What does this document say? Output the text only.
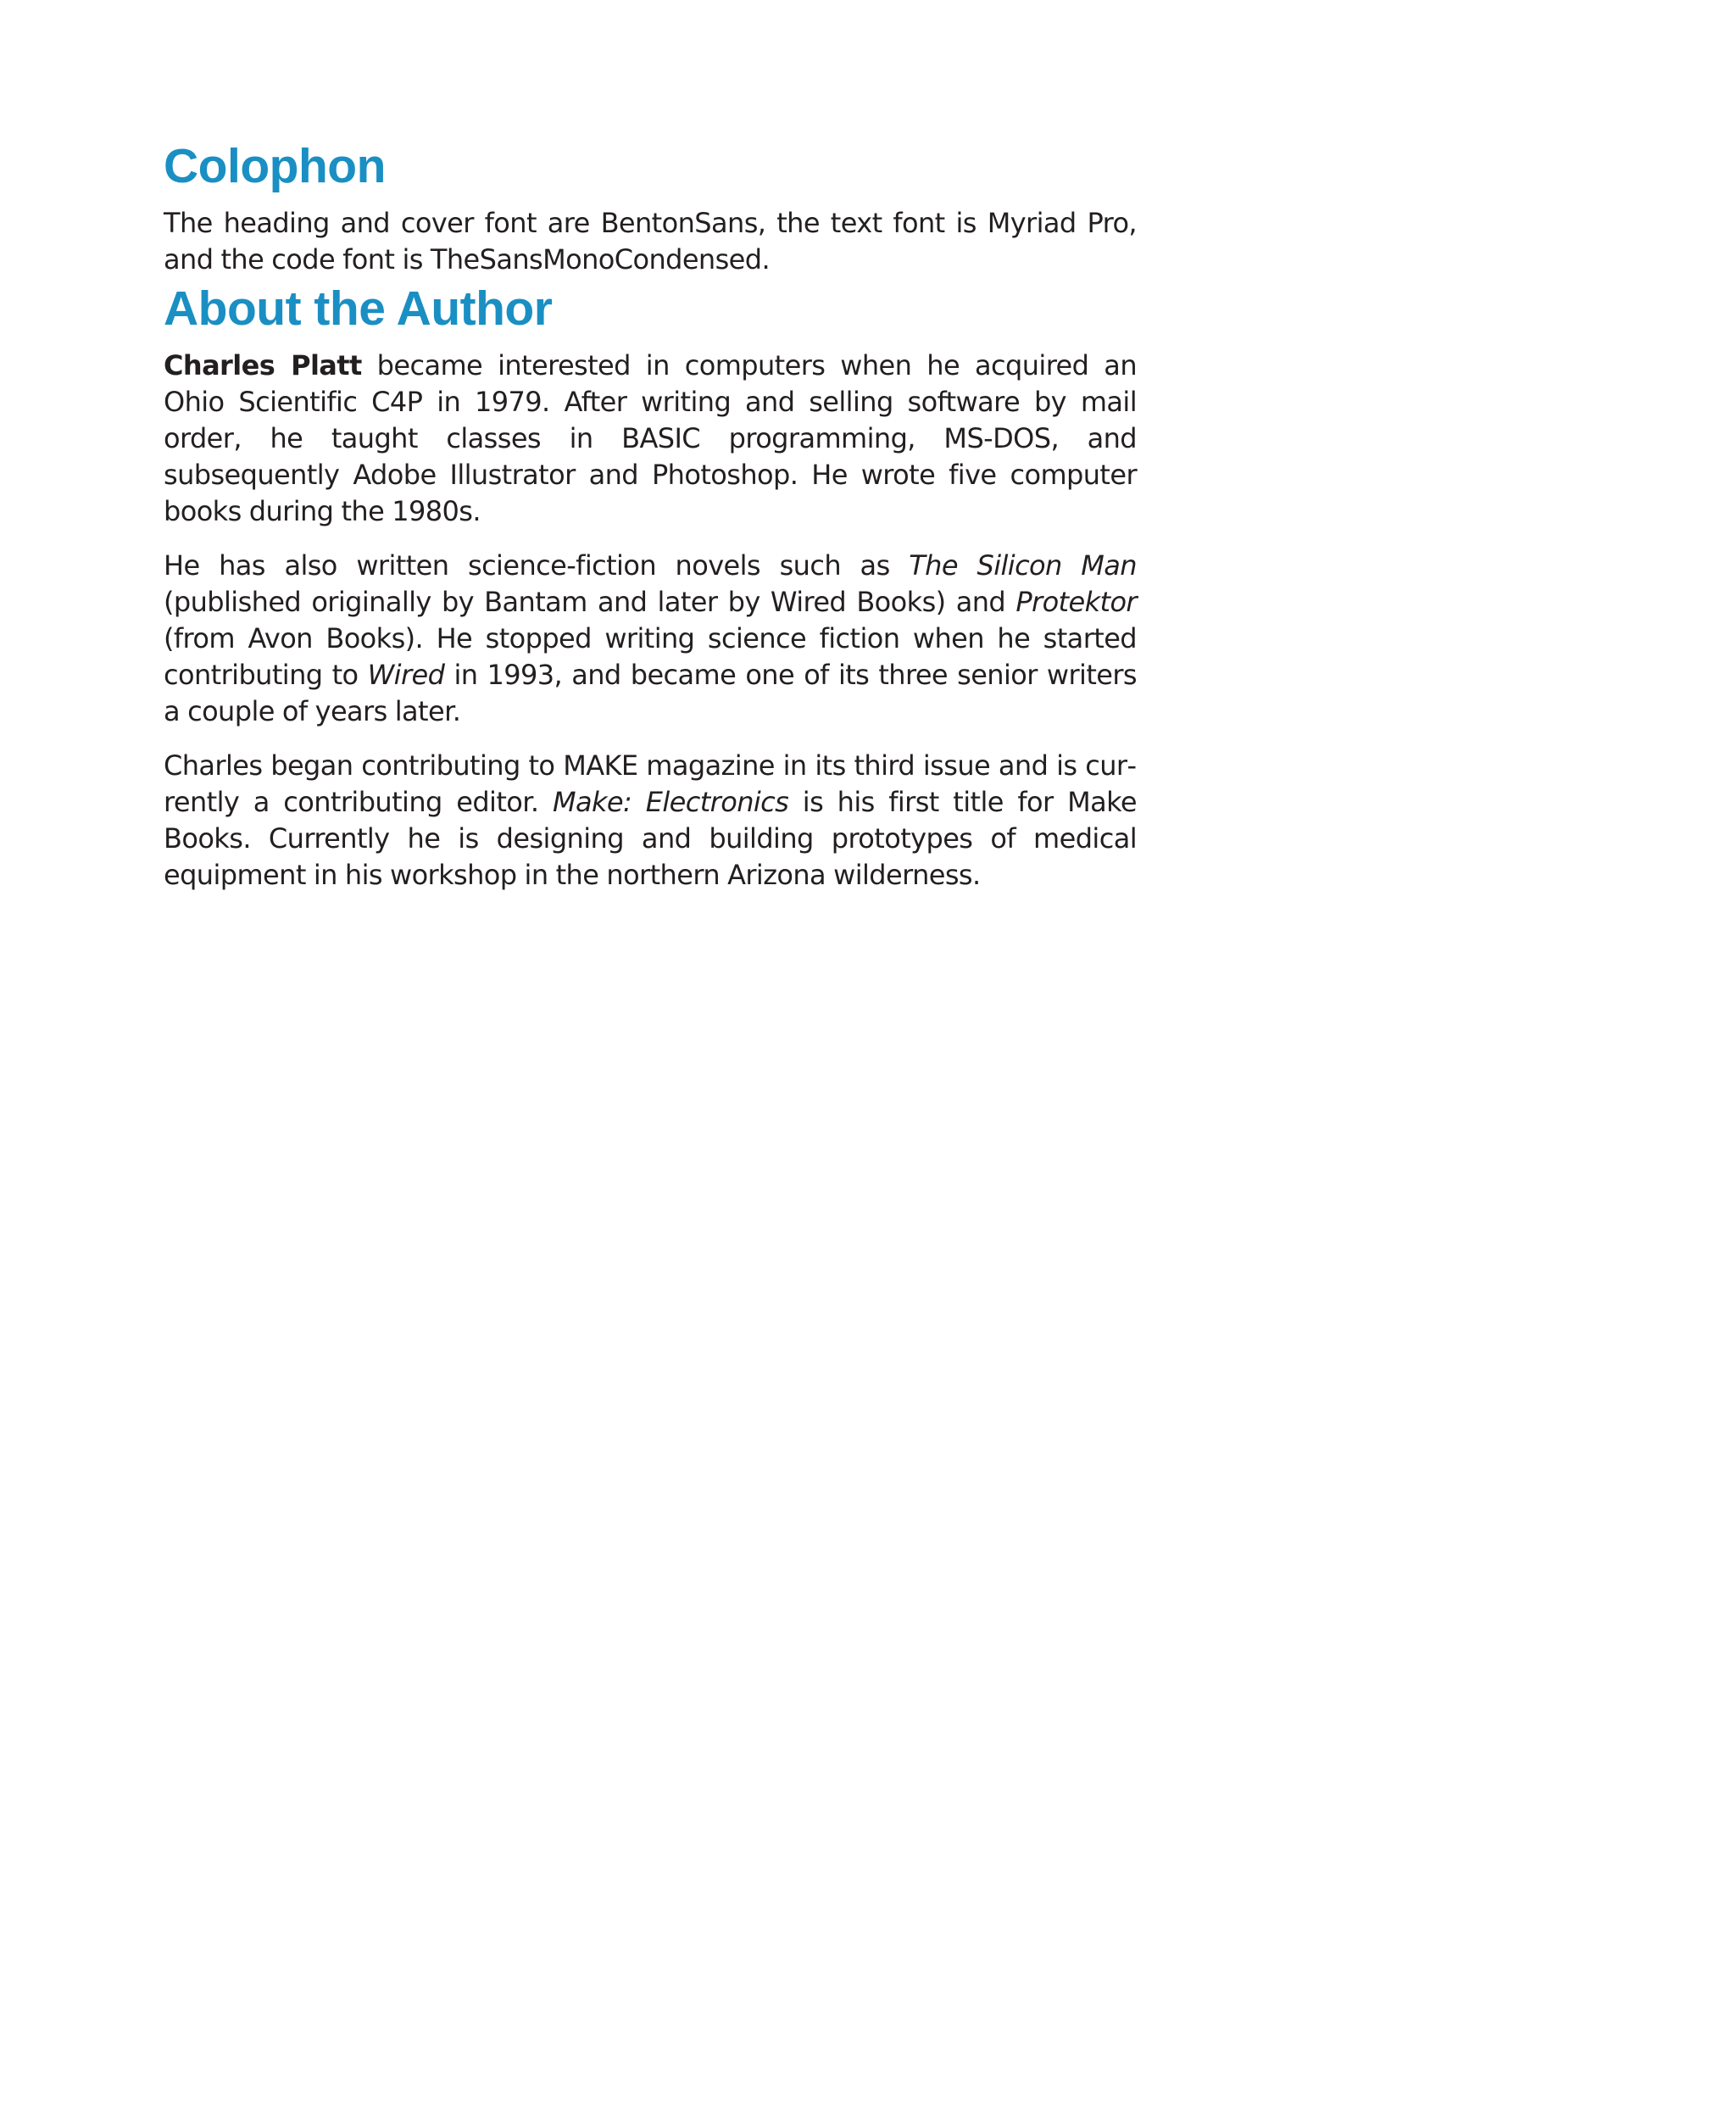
Colophon

The heading and cover font are BentonSans, the text font is Myriad Pro, and the code font is TheSansMonoCondensed.

About the Author

Charles Platt became interested in computers when he acquired an Ohio Scientific C4P in 1979. After writing and selling software by mail order, he taught classes in BASIC programming, MS-DOS, and subsequently Adobe Illustrator and Photoshop. He wrote five computer books during the 1980s.

He has also written science-fiction novels such as The Silicon Man (published originally by Bantam and later by Wired Books) and Protektor (from Avon Books). He stopped writing science fiction when he started contributing to Wired in 1993, and became one of its three senior writers a couple of years later.

Charles began contributing to MAKE magazine in its third issue and is currently a contributing editor. Make: Electronics is his first title for Make Books. Currently he is designing and building prototypes of medical equipment in his workshop in the northern Arizona wilderness.
